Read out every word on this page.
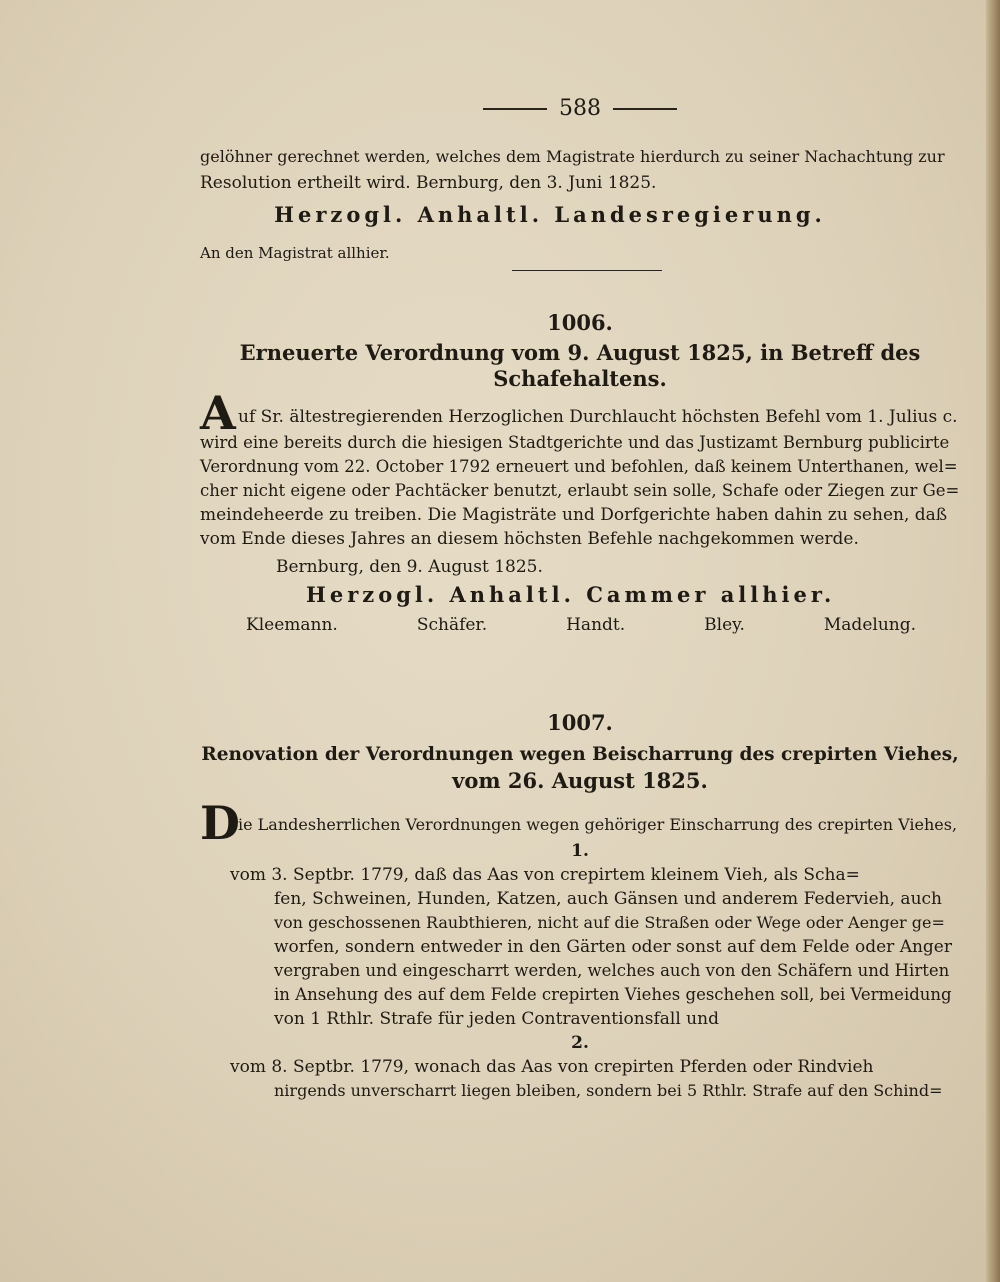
588
gelöhner gerechnet werden, welches dem Magistrate hierdurch zu seiner Nachachtung zur
Resolution ertheilt wird. Bernburg, den 3. Juni 1825.
Herzogl. Anhaltl. Landesregierung.
An den Magistrat allhier.
1006.
Erneuerte Verordnung vom 9. August 1825, in Betreff des
Schafehaltens.
A uf Sr. ältestregierenden Herzoglichen Durchlaucht höchsten Befehl vom 1. Julius c.
wird eine bereits durch die hiesigen Stadtgerichte und das Justizamt Bernburg publicirte
Verordnung vom 22. October 1792 erneuert und befohlen, daß keinem Unterthanen, wel=
cher nicht eigene oder Pachtäcker benutzt, erlaubt sein solle, Schafe oder Ziegen zur Ge=
meindeheerde zu treiben. Die Magisträte und Dorfgerichte haben dahin zu sehen, daß
vom Ende dieses Jahres an diesem höchsten Befehle nachgekommen werde.
Bernburg, den 9. August 1825.
Herzogl. Anhaltl. Cammer allhier.
Kleemann.	Schäfer.	Handt.	Bley.	Madelung.
1007.
Renovation der Verordnungen wegen Beischarrung des crepirten Viehes,
vom 26. August 1825.
D
ie Landesherrlichen Verordnungen wegen gehöriger Einscharrung des crepirten Viehes,
1.
vom 3. Septbr. 1779, daß das Aas von crepirtem kleinem Vieh, als Scha=
fen, Schweinen, Hunden, Katzen, auch Gänsen und anderem Federvieh, auch
von geschossenen Raubthieren, nicht auf die Straßen oder Wege oder Aenger ge=
worfen, sondern entweder in den Gärten oder sonst auf dem Felde oder Anger
vergraben und eingescharrt werden, welches auch von den Schäfern und Hirten
in Ansehung des auf dem Felde crepirten Viehes geschehen soll, bei Vermeidung
von 1 Rthlr. Strafe für jeden Contraventionsfall und
2.
vom 8. Septbr. 1779, wonach das Aas von crepirten Pferden oder Rindvieh
nirgends unverscharrt liegen bleiben, sondern bei 5 Rthlr. Strafe auf den Schind=
